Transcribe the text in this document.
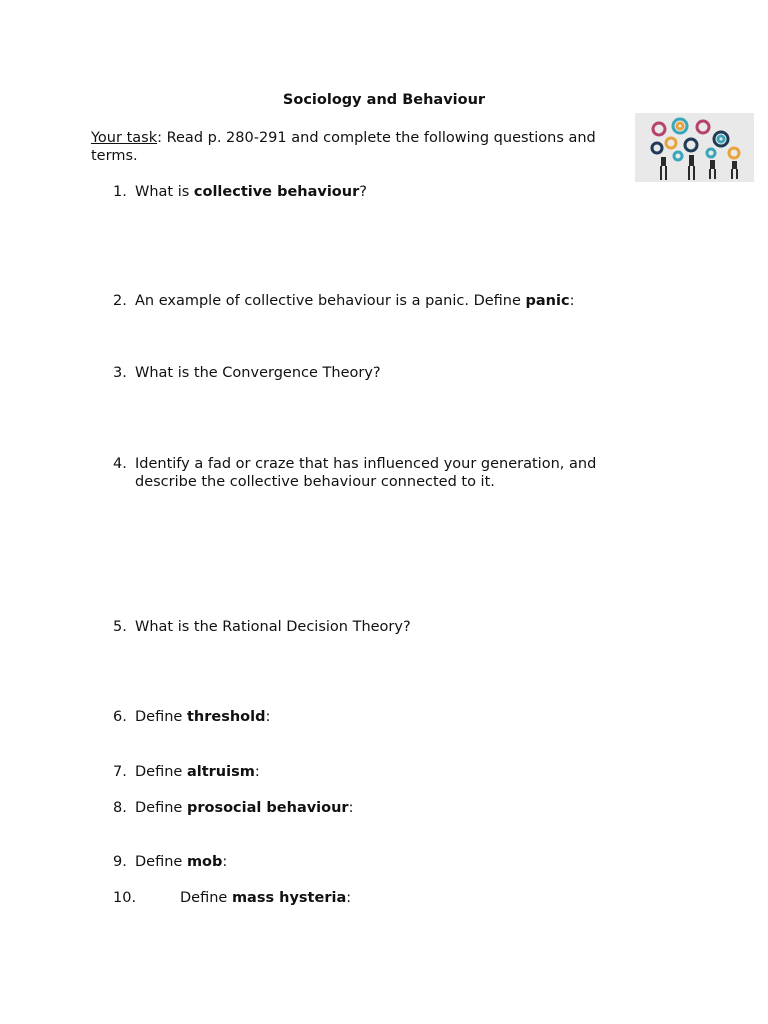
Sociology and Behaviour
Your task: Read p. 280-291 and complete the following questions and terms.
1. What is collective behaviour?
2. An example of collective behaviour is a panic. Define panic:
3. What is the Convergence Theory?
4. Identify a fad or craze that has influenced your generation, and describe the collective behaviour connected to it.
5. What is the Rational Decision Theory?
6. Define threshold:
7. Define altruism:
8. Define prosocial behaviour:
9. Define mob:
10.	Define mass hysteria:
